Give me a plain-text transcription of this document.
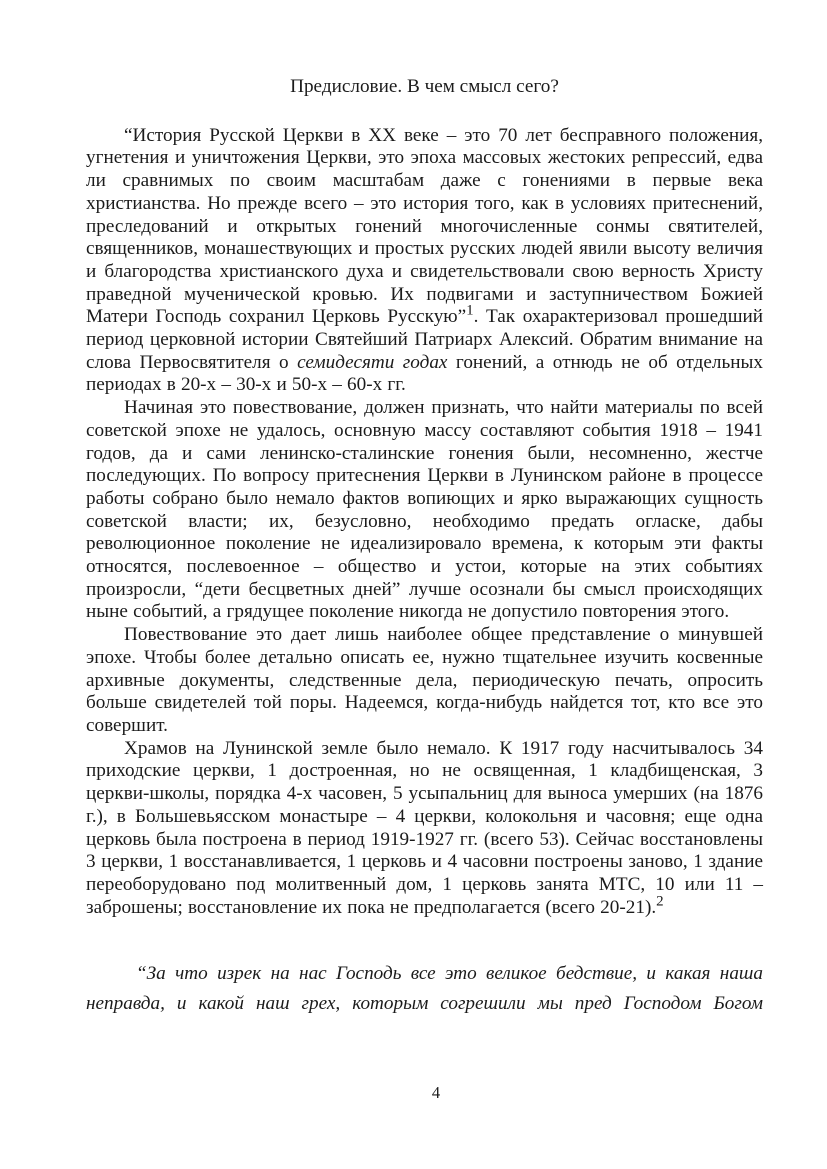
Предисловие. В чем смысл сего?

“История Русской Церкви в XX веке – это 70 лет бесправного положения, угнетения и уничтожения Церкви, это эпоха массовых жестоких репрессий, едва ли сравнимых по своим масштабам даже с гонениями в первые века христианства. Но прежде всего – это история того, как в условиях притеснений, преследований и открытых гонений многочисленные сонмы святителей, священников, монашествующих и простых русских людей явили высоту величия и благородства христианского духа и свидетельствовали свою верность Христу праведной мученической кровью. Их подвигами и заступничеством Божией Матери Господь сохранил Церковь Русскую”$^1$. Так охарактеризовал прошедший период церковной истории Святейший Патриарх Алексий. Обратим внимание на слова Первосвятителя о семидесяти годах гонений, а отнюдь не об отдельных периодах в 20-х – 30-х и 50-х – 60-х гг.

Начиная это повествование, должен признать, что найти материалы по всей советской эпохе не удалось, основную массу составляют события 1918 – 1941 годов, да и сами ленинско-сталинские гонения были, несомненно, жестче последующих. По вопросу притеснения Церкви в Лунинском районе в процессе работы собрано было немало фактов вопиющих и ярко выражающих сущность советской власти; их, безусловно, необходимо предать огласке, дабы революционное поколение не идеализировало времена, к которым эти факты относятся, послевоенное – общество и устои, которые на этих событиях произросли, “дети бесцветных дней” лучше осознали бы смысл происходящих ныне событий, а грядущее поколение никогда не допустило повторения этого.

Повествование это дает лишь наиболее общее представление о минувшей эпохе. Чтобы более детально описать ее, нужно тщательнее изучить косвенные архивные документы, следственные дела, периодическую печать, опросить больше свидетелей той поры. Надеемся, когда-нибудь найдется тот, кто все это совершит.

Храмов на Лунинской земле было немало. К 1917 году насчитывалось 34 приходские церкви, 1 достроенная, но не освященная, 1 кладбищенская, 3 церкви-школы, порядка 4-х часовен, 5 усыпальниц для выноса умерших (на 1876 г.), в Большевьясском монастыре – 4 церкви, колокольня и часовня; еще одна церковь была построена в период 1919-1927 гг. (всего 53). Сейчас восстановлены 3 церкви, 1 восстанавливается, 1 церковь и 4 часовни построены заново, 1 здание переоборудовано под молитвенный дом, 1 церковь занята МТС, 10 или 11 – заброшены; восстановление их пока не предполагается (всего 20-21).$^2$

“За что изрек на нас Господь все это великое бедствие, и какая наша неправда, и какой наш грех, которым согрешили мы пред Господом Богом

4
